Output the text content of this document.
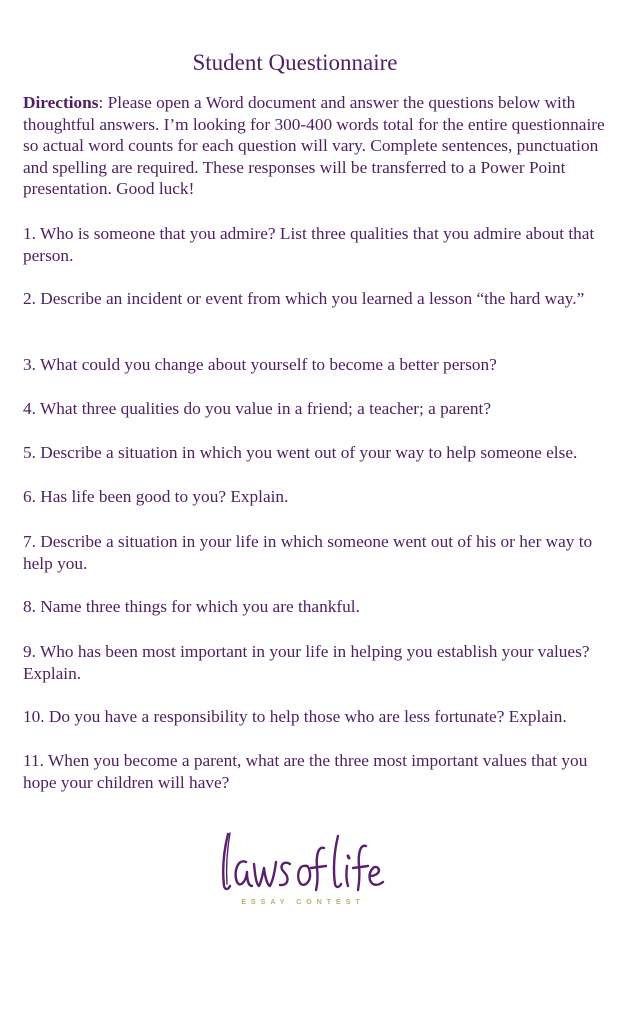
Student Questionnaire

Directions: Please open a Word document and answer the questions below with thoughtful answers. I’m looking for 300-400 words total for the entire questionnaire so actual word counts for each question will vary. Complete sentences, punctuation and spelling are required. These responses will be transferred to a Power Point presentation. Good luck!

1. Who is someone that you admire? List three qualities that you admire about that person.

2. Describe an incident or event from which you learned a lesson “the hard way.”

3. What could you change about yourself to become a better person?

4. What three qualities do you value in a friend; a teacher; a parent?

5. Describe a situation in which you went out of your way to help someone else.

6. Has life been good to you? Explain.

7. Describe a situation in your life in which someone went out of his or her way to help you.

8. Name three things for which you are thankful.

9. Who has been most important in your life in helping you establish your values? Explain.

10. Do you have a responsibility to help those who are less fortunate? Explain.

11. When you become a parent, what are the three most important values that you hope your children will have?

ESSAY CONTEST
